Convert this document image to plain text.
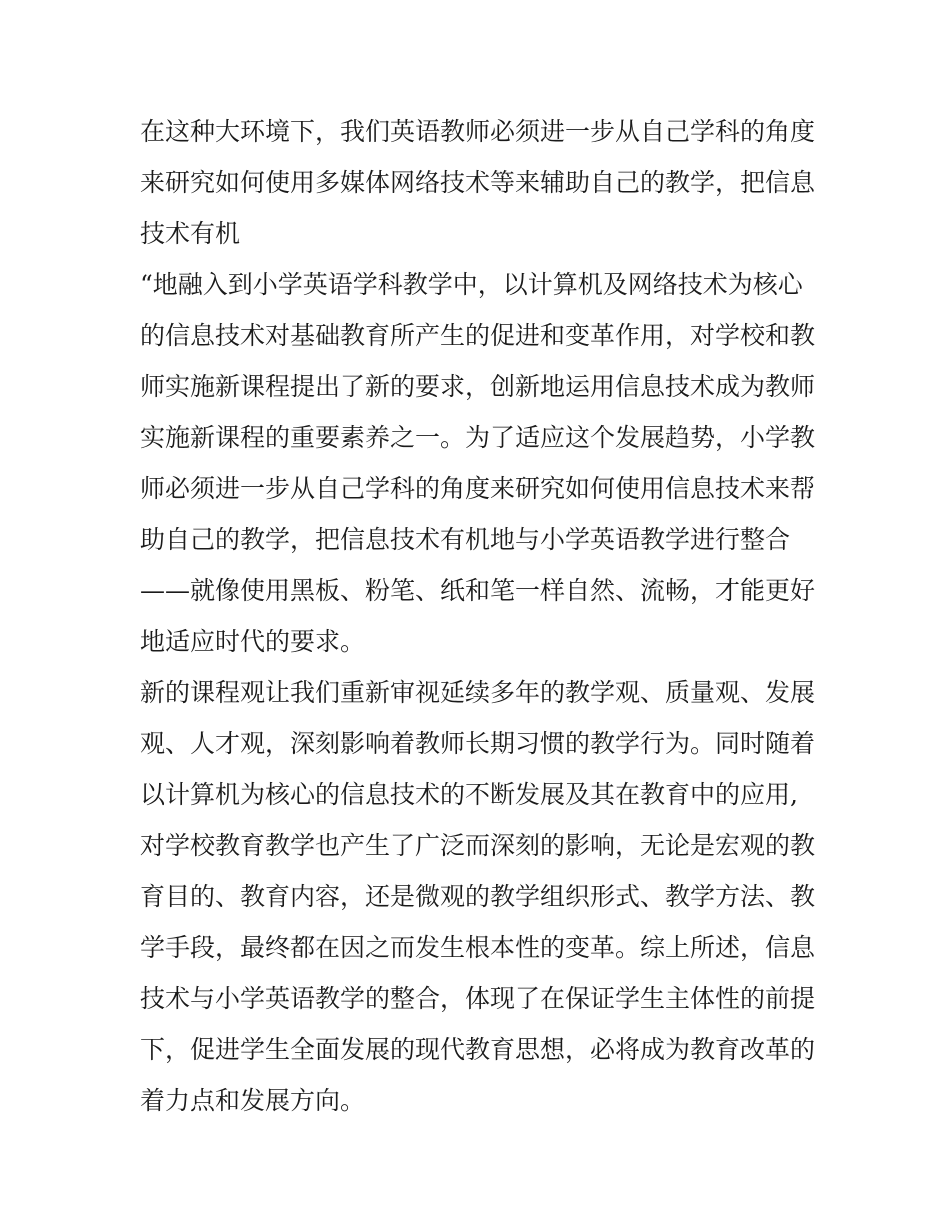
在这种大环境下，我们英语教师必须进一步从自己学科的角度
来研究如何使用多媒体网络技术等来辅助自己的教学，把信息
技术有机
“地融入到小学英语学科教学中，以计算机及网络技术为核心
的信息技术对基础教育所产生的促进和变革作用，对学校和教
师实施新课程提出了新的要求，创新地运用信息技术成为教师
实施新课程的重要素养之一。为了适应这个发展趋势，小学教
师必须进一步从自己学科的角度来研究如何使用信息技术来帮
助自己的教学，把信息技术有机地与小学英语教学进行整合
——就像使用黑板、粉笔、纸和笔一样自然、流畅，才能更好
地适应时代的要求。
新的课程观让我们重新审视延续多年的教学观、质量观、发展
观、人才观，深刻影响着教师长期习惯的教学行为。同时随着
以计算机为核心的信息技术的不断发展及其在教育中的应用,
对学校教育教学也产生了广泛而深刻的影响，无论是宏观的教
育目的、教育内容，还是微观的教学组织形式、教学方法、教
学手段，最终都在因之而发生根本性的变革。综上所述，信息
技术与小学英语教学的整合，体现了在保证学生主体性的前提
下，促进学生全面发展的现代教育思想，必将成为教育改革的
着力点和发展方向。
